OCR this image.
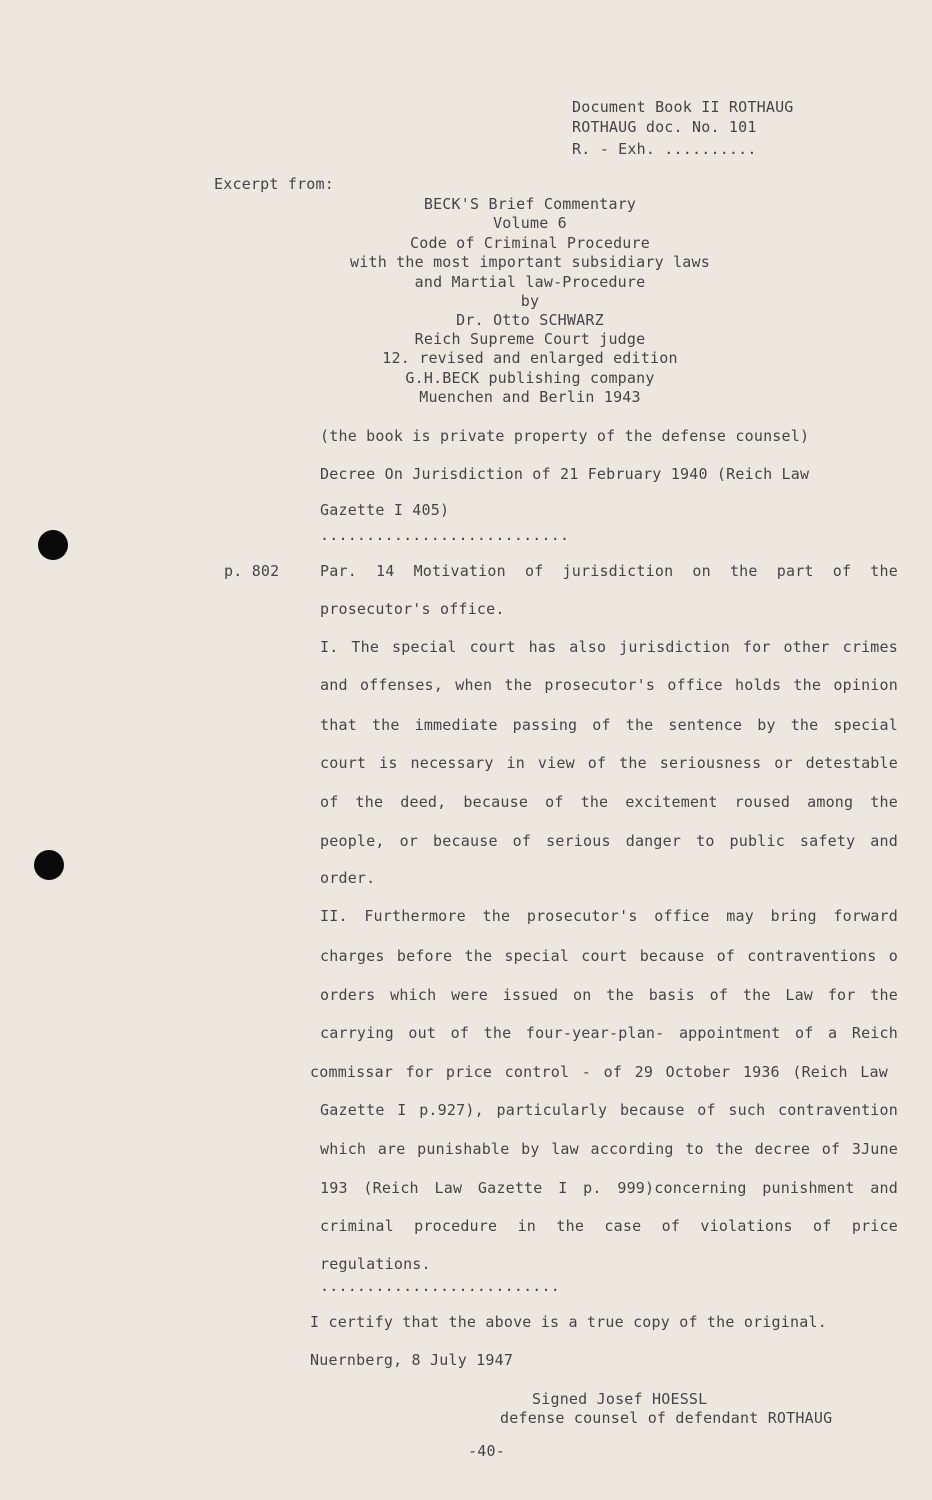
Document Book II ROTHAUG
ROTHAUG doc. No. 101
R. - Exh. ..........
Excerpt from:
BECK'S Brief Commentary
Volume 6
Code of Criminal Procedure
with the most important subsidiary laws
and Martial law-Procedure
by
Dr. Otto SCHWARZ
Reich Supreme Court judge
12. revised and enlarged edition
G.H.BECK publishing company
Muenchen and Berlin 1943
(the book is private property of the defense counsel)
Decree On Jurisdiction of 21 February 1940 (Reich Law
Gazette I 405)
...........................
p. 802	Par. 14 Motivation of jurisdiction on the part of the
prosecutor's office.
I. The special court has also jurisdiction for other crimes
and offenses, when the prosecutor's office holds the opinion
that the immediate passing of the sentence by the special
court is necessary in view of the seriousness or detestable
of the deed, because of the excitement roused among the
people, or because of serious danger to public safety and
order.
II. Furthermore the prosecutor's office may bring forward
charges before the special court because of contraventions o
orders which were issued on the basis of the Law for the
carrying out of the four-year-plan- appointment of a Reich
commissar for price control - of 29 October 1936 (Reich Law
Gazette I p.927), particularly because of such contravention
which are punishable by law according to the decree of 3June
193 (Reich Law Gazette I p. 999)concerning punishment and
criminal procedure in the case of violations of price
regulations.
..........................
I certify that the above is a true copy of the original.
Nuernberg, 8 July 1947
Signed Josef HOESSL
defense counsel of defendant ROTHAUG
-40-
